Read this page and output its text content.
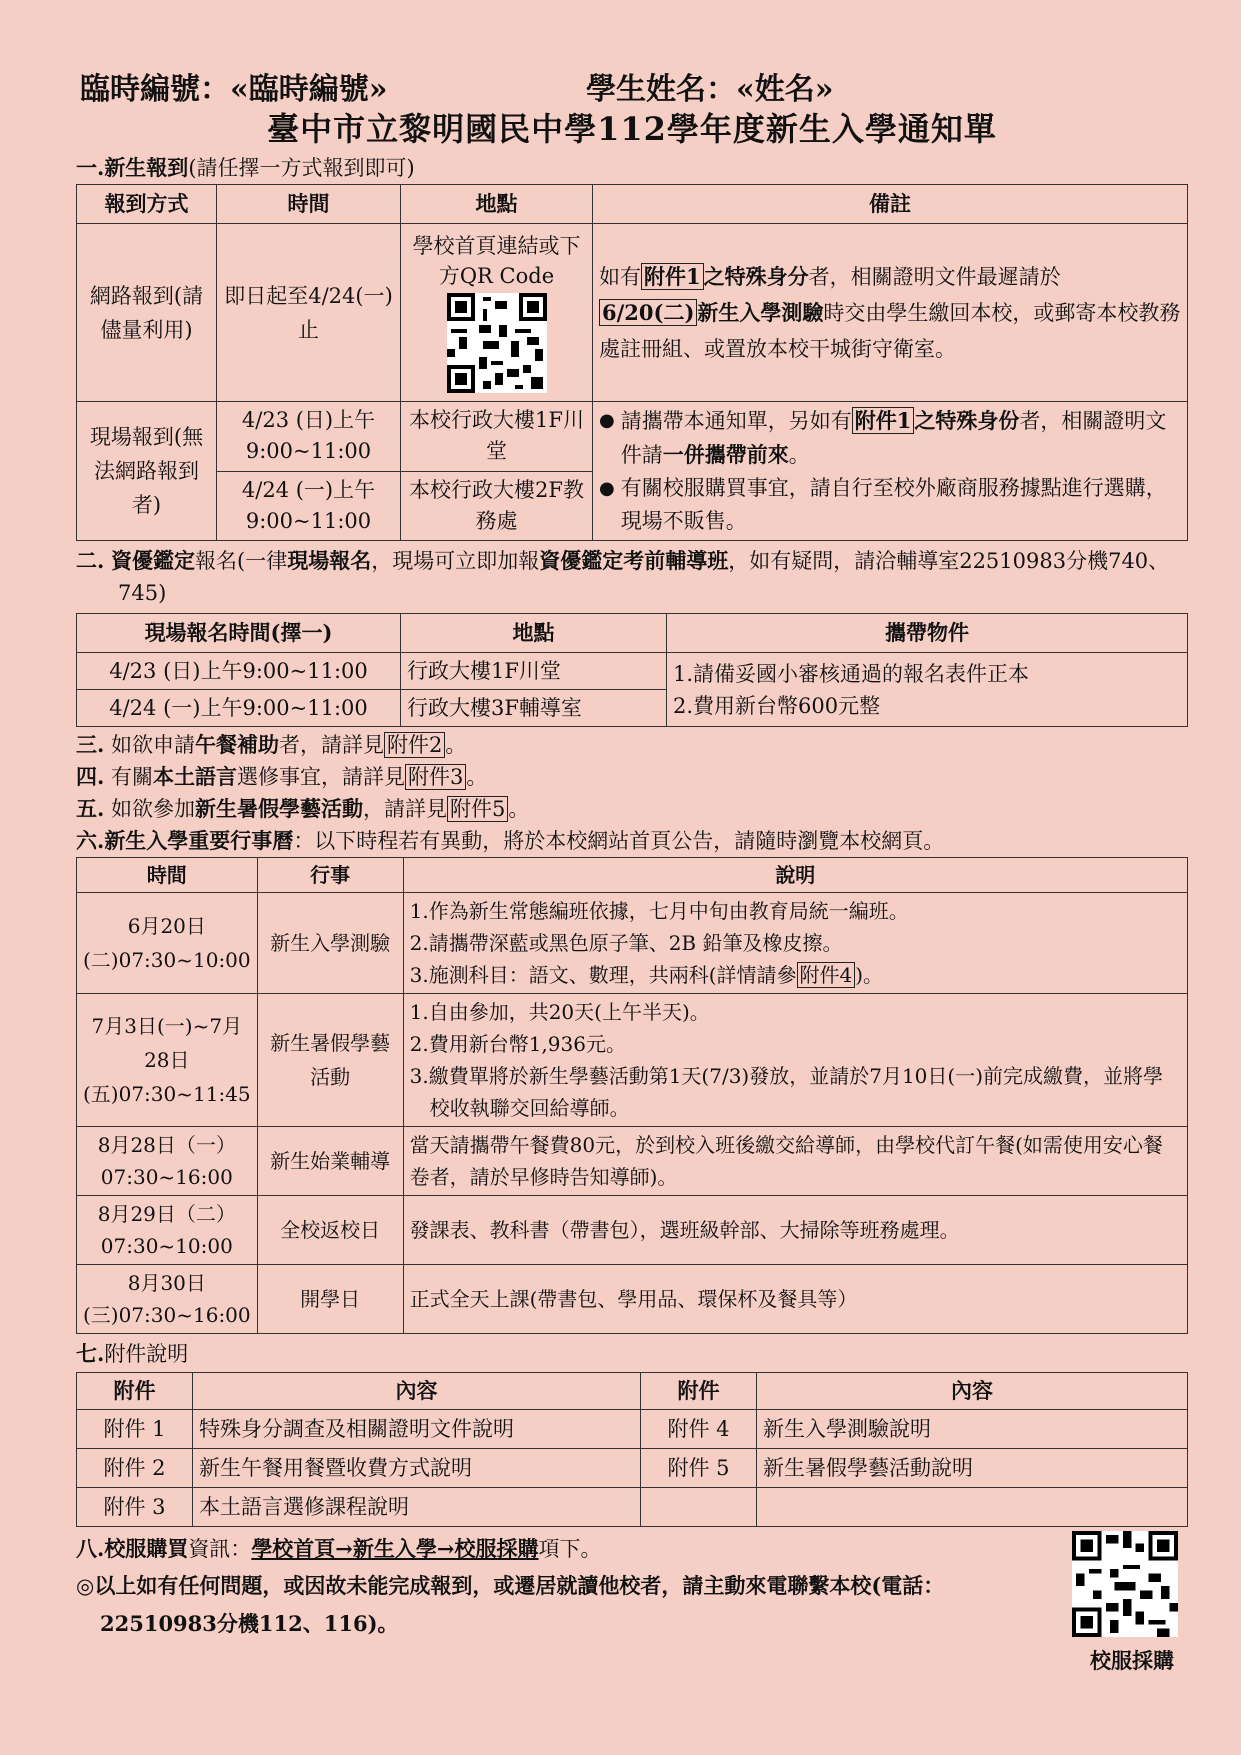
臨時編號：«臨時編號»	學生姓名：«姓名»
臺中市立黎明國民中學112學年度新生入學通知單

一.新生報到(請任擇一方式報到即可)

報到方式	時間	地點	備註
網路報到(請儘量利用)	即日起至4/24(一)止	學校首頁連結或下方QR Code	如有 附件1 之特殊身分者，相關證明文件最遲請於
6/20(二) 新生入學測驗時交由學生繳回本校，或郵寄本校教務處註冊組、或置放本校干城街守衛室。
現場報到(無法網路報到者)	4/23 (日)上午9:00~11:00	本校行政大樓1F川堂	● 請攜帶本通知單，另如有 附件1 之特殊身份者，相關證明文件請一併攜帶前來。
● 有關校服購買事宜，請自行至校外廠商服務據點進行選購，現場不販售。

	4/24 (一)上午9:00~11:00	本校行政大樓2F教務處	

二. 資優鑑定報名(一律現場報名，現場可立即加報資優鑑定考前輔導班，如有疑問，請洽輔導室22510983分機740、745)

現場報名時間(擇一)	地點	攜帶物件
4/23 (日)上午9:00~11:00	行政大樓1F川堂	1.請備妥國小審核通過的報名表件正本
2.費用新台幣600元整

4/24 (一)上午9:00~11:00	行政大樓3F輔導室	

三. 如欲申請午餐補助者，請詳見 附件2 。

四. 有關本土語言選修事宜，請詳見 附件3 。

五. 如欲參加新生暑假學藝活動，請詳見 附件5 。

六.新生入學重要行事曆：以下時程若有異動，將於本校網站首頁公告，請隨時瀏覽本校網頁。

時間	行事	說明
6月20日(二)07:30~10:00	新生入學測驗	1.作為新生常態編班依據，七月中旬由教育局統一編班。
2.請攜帶深藍或黑色原子筆、2B 鉛筆及橡皮擦。
3.施測科目：語文、數理，共兩科(詳情請參 附件4 )。

7月3日(一)~7月28日(五)07:30~11:45	新生暑假學藝活動	1.自由參加，共20天(上午半天)。
2.費用新台幣1,936元。
3.繳費單將於新生學藝活動第1天(7/3)發放，並請於7月10日(一)前完成繳費，並將學校收執聯交回給導師。

8月28日（一）07:30~16:00	新生始業輔導	當天請攜帶午餐費80元，於到校入班後繳交給導師，由學校代訂午餐(如需使用安心餐卷者，請於早修時告知導師)。
8月29日（二）07:30~10:00	全校返校日	發課表、教科書（帶書包），選班級幹部、大掃除等班務處理。
8月30日(三)07:30~16:00	開學日	正式全天上課(帶書包、學用品、環保杯及餐具等）

七.附件說明

附件	內容	附件	內容
附件 1	特殊身分調查及相關證明文件說明	附件 4	新生入學測驗說明
附件 2	新生午餐用餐暨收費方式說明	附件 5	新生暑假學藝活動說明
附件 3	本土語言選修課程說明		

八.校服購買資訊：學校首頁→新生入學→校服採購項下。

◎以上如有任何問題，或因故未能完成報到，或遷居就讀他校者，請主動來電聯繫本校(電話：22510983分機112、116)。

校服採購
